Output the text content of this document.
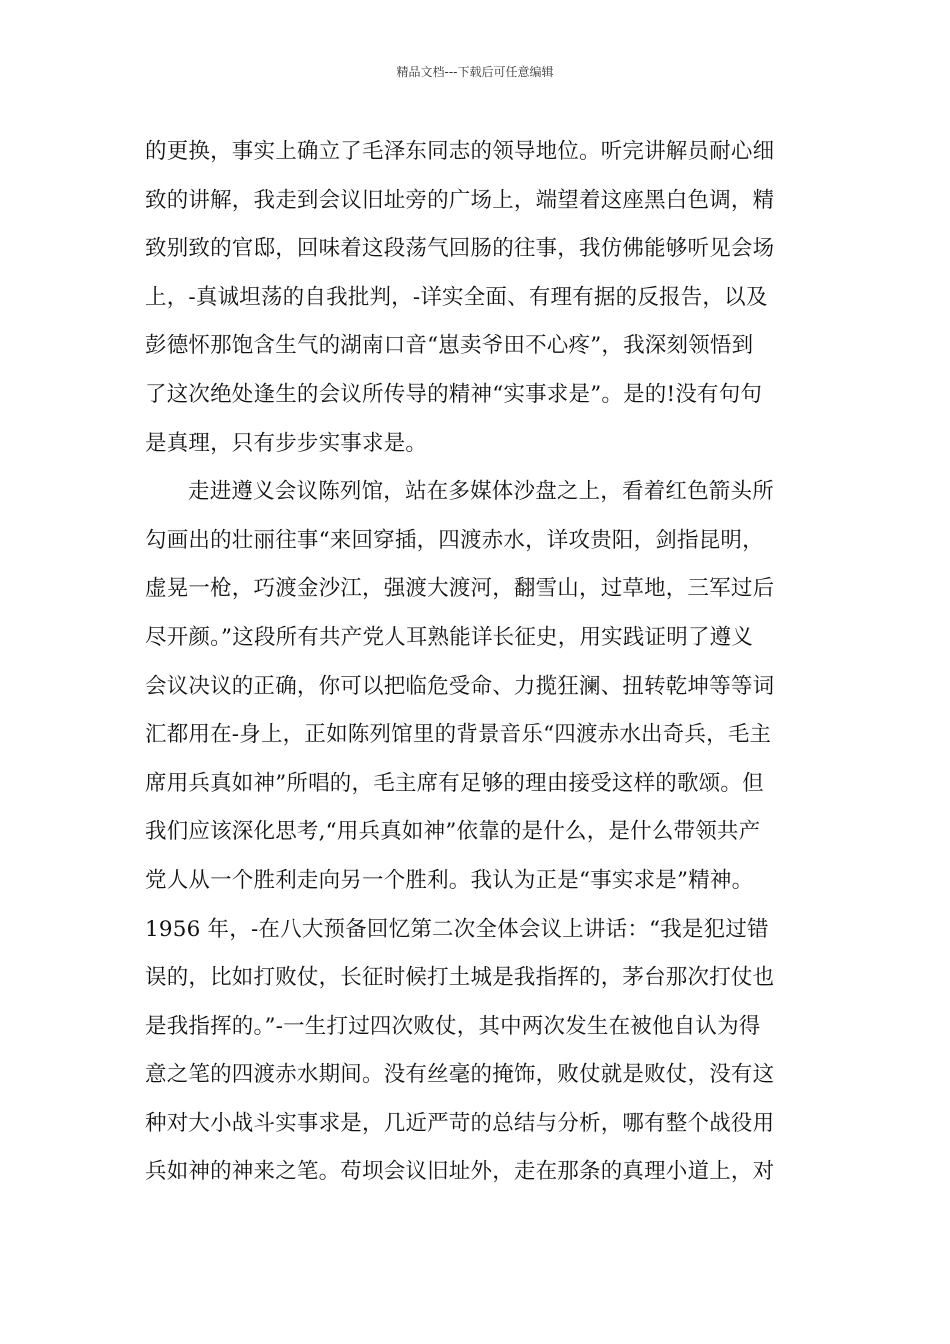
精品文档---下载后可任意编辑
的更换，事实上确立了毛泽东同志的领导地位。听完讲解员耐心细
致的讲解，我走到会议旧址旁的广场上，端望着这座黑白色调，精
致别致的官邸，回味着这段荡气回肠的往事，我仿佛能够听见会场
上，-真诚坦荡的自我批判，-详实全面、有理有据的反报告，以及
彭德怀那饱含生气的湖南口音“崽卖爷田不心疼”，我深刻领悟到
了这次绝处逢生的会议所传导的精神“实事求是”。是的!没有句句
是真理，只有步步实事求是。
走进遵义会议陈列馆，站在多媒体沙盘之上，看着红色箭头所
勾画出的壮丽往事“来回穿插，四渡赤水，详攻贵阳，剑指昆明，
虚晃一枪，巧渡金沙江，强渡大渡河，翻雪山，过草地，三军过后
尽开颜。”这段所有共产党人耳熟能详长征史，用实践证明了遵义
会议决议的正确，你可以把临危受命、力揽狂澜、扭转乾坤等等词
汇都用在-身上，正如陈列馆里的背景音乐“四渡赤水出奇兵，毛主
席用兵真如神”所唱的，毛主席有足够的理由接受这样的歌颂。但
我们应该深化思考,“用兵真如神”依靠的是什么，是什么带领共产
党人从一个胜利走向另一个胜利。我认为正是“事实求是”精神。
1956 年，-在八大预备回忆第二次全体会议上讲话：“我是犯过错
误的，比如打败仗，长征时候打土城是我指挥的，茅台那次打仗也
是我指挥的。”-一生打过四次败仗，其中两次发生在被他自认为得
意之笔的四渡赤水期间。没有丝毫的掩饰，败仗就是败仗，没有这
种对大小战斗实事求是，几近严苛的总结与分析，哪有整个战役用
兵如神的神来之笔。苟坝会议旧址外，走在那条的真理小道上，对
